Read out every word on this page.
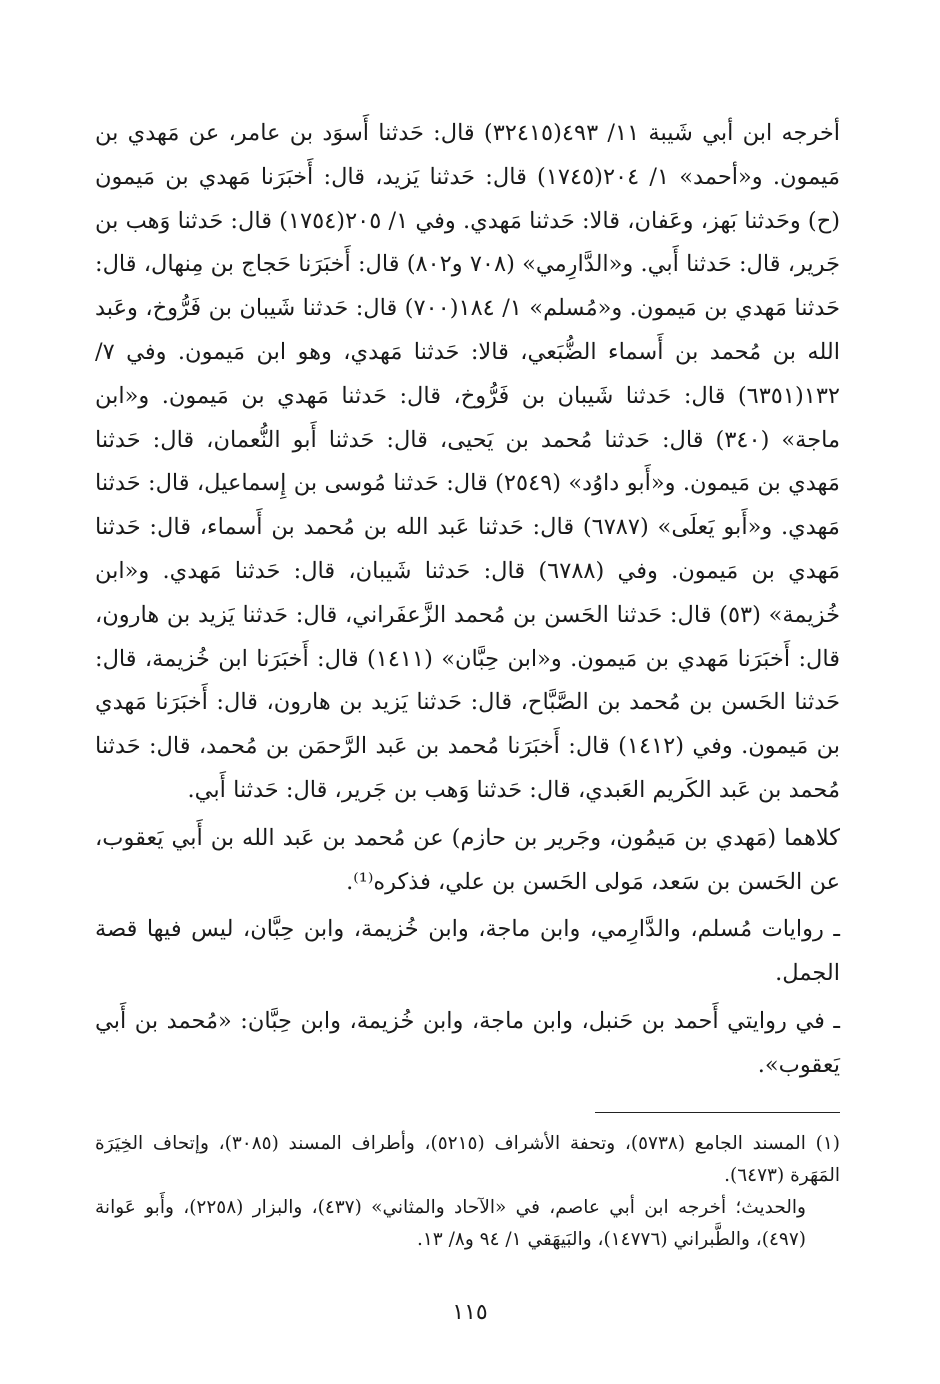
أخرجه ابن أبي شَيبة ١١/ ٤٩٣(٣٢٤١٥) قال: حَدثنا أَسوَد بن عامر، عن مَهدي بن مَيمون. و«أحمد» ١/ ٢٠٤(١٧٤٥) قال: حَدثنا يَزيد، قال: أَخبَرَنا مَهدي بن مَيمون (ح) وحَدثنا بَهز، وعَفان، قالا: حَدثنا مَهدي. وفي ١/ ٢٠٥(١٧٥٤) قال: حَدثنا وَهب بن جَرير، قال: حَدثنا أَبي. و«الدَّارِمي» (٧٠٨ و٨٠٢) قال: أَخبَرَنا حَجاج بن مِنهال، قال: حَدثنا مَهدي بن مَيمون. و«مُسلم» ١/ ١٨٤(٧٠٠) قال: حَدثنا شَيبان بن فَرُّوخ، وعَبد الله بن مُحمد بن أَسماء الضُّبَعي، قالا: حَدثنا مَهدي، وهو ابن مَيمون. وفي ٧/ ١٣٢(٦٣٥١) قال: حَدثنا شَيبان بن فَرُّوخ، قال: حَدثنا مَهدي بن مَيمون. و«ابن ماجة» (٣٤٠) قال: حَدثنا مُحمد بن يَحيى، قال: حَدثنا أَبو النُّعمان، قال: حَدثنا مَهدي بن مَيمون. و«أَبو داوُد» (٢٥٤٩) قال: حَدثنا مُوسى بن إِسماعيل، قال: حَدثنا مَهدي. و«أَبو يَعلَى» (٦٧٨٧) قال: حَدثنا عَبد الله بن مُحمد بن أَسماء، قال: حَدثنا مَهدي بن مَيمون. وفي (٦٧٨٨) قال: حَدثنا شَيبان، قال: حَدثنا مَهدي. و«ابن خُزيمة» (٥٣) قال: حَدثنا الحَسن بن مُحمد الزَّعفَراني، قال: حَدثنا يَزيد بن هارون، قال: أَخبَرَنا مَهدي بن مَيمون. و«ابن حِبَّان» (١٤١١) قال: أَخبَرَنا ابن خُزيمة، قال: حَدثنا الحَسن بن مُحمد بن الصَّبَّاح، قال: حَدثنا يَزيد بن هارون، قال: أَخبَرَنا مَهدي بن مَيمون. وفي (١٤١٢) قال: أَخبَرَنا مُحمد بن عَبد الرَّحمَن بن مُحمد، قال: حَدثنا مُحمد بن عَبد الكَريم العَبدي، قال: حَدثنا وَهب بن جَرير، قال: حَدثنا أَبي.

كلاهما (مَهدي بن مَيمُون، وجَرير بن حازم) عن مُحمد بن عَبد الله بن أَبي يَعقوب، عن الحَسن بن سَعد، مَولى الحَسن بن علي، فذكره⁽¹⁾.

ـ روايات مُسلم، والدَّارِمي، وابن ماجة، وابن خُزيمة، وابن حِبَّان، ليس فيها قصة الجمل.

ـ في روايتي أَحمد بن حَنبل، وابن ماجة، وابن خُزيمة، وابن حِبَّان: «مُحمد بن أَبي يَعقوب».

(١) المسند الجامع (٥٧٣٨)، وتحفة الأشراف (٥٢١٥)، وأطراف المسند (٣٠٨٥)، وإتحاف الخِيَرَة المَهَرة (٦٤٧٣).

والحديث؛ أخرجه ابن أبي عاصم، في «الآحاد والمثاني» (٤٣٧)، والبزار (٢٢٥٨)، وأَبو عَوانة (٤٩٧)، والطَّبراني (١٤٧٧٦)، والبَيهَقي ١/ ٩٤ و٨/ ١٣.

١١٥
